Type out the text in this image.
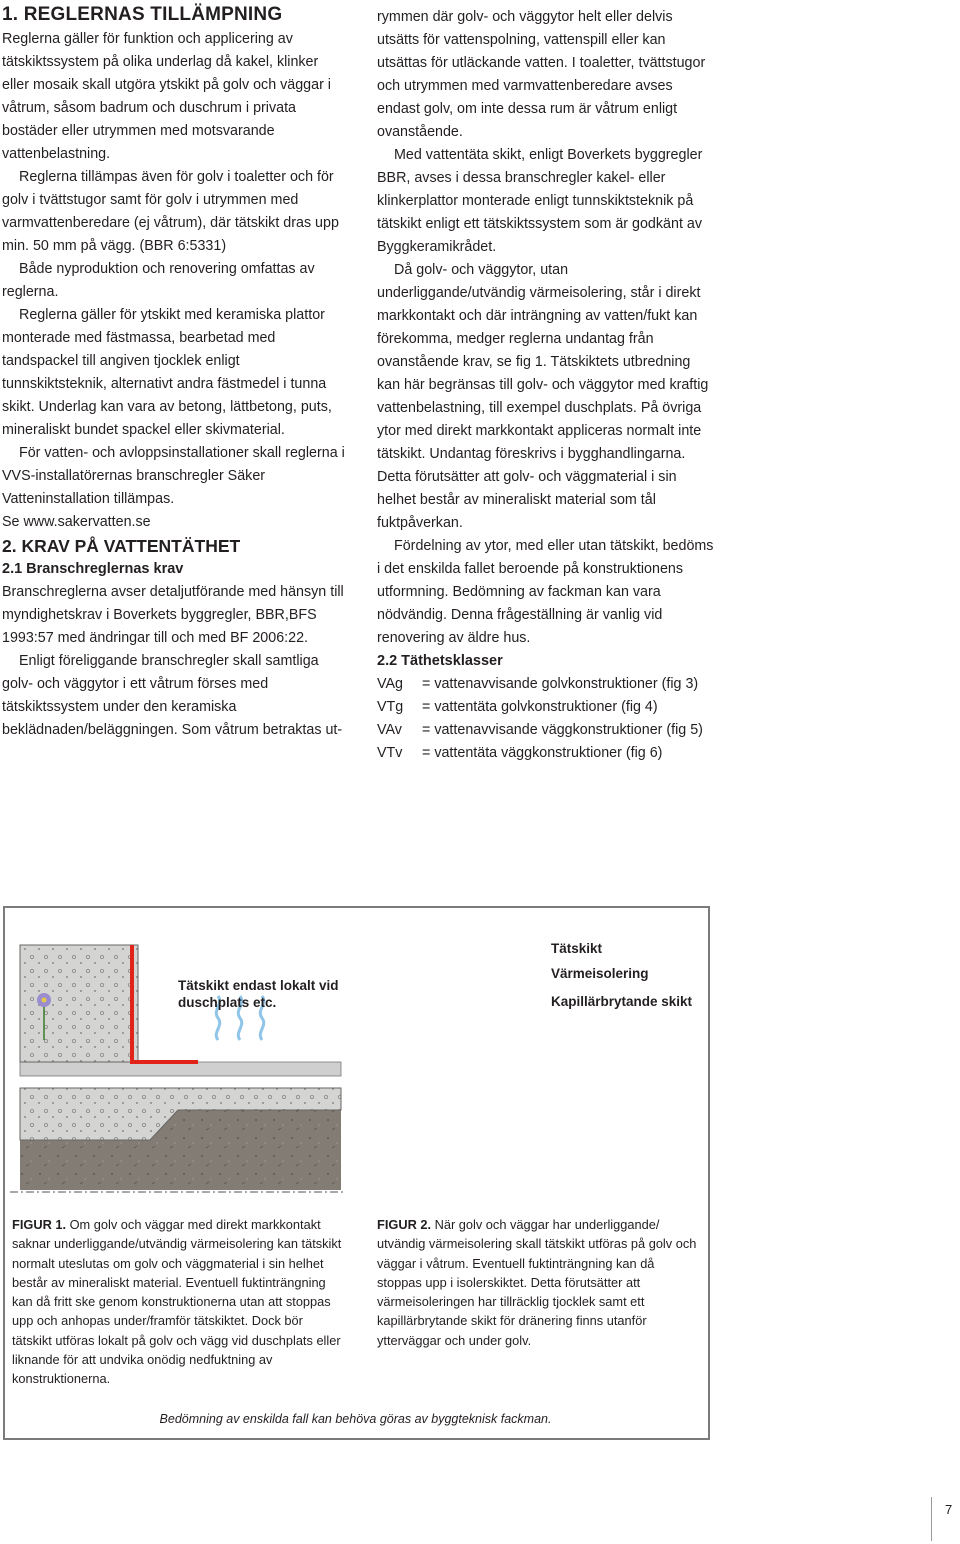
1. REGLERNAS TILLÄMPNING

Reglerna gäller för funktion och applicering av tätskiktssystem på olika underlag då kakel, klinker eller mosaik skall utgöra ytskikt på golv och väggar i våtrum, såsom badrum och duschrum i privata bostäder eller utrymmen med motsvarande vattenbelastning.

Reglerna tillämpas även för golv i toaletter och för golv i tvättstugor samt för golv i utrymmen med varmvattenberedare (ej våtrum), där tätskikt dras upp min. 50 mm på vägg. (BBR 6:5331)

Både nyproduktion och renovering omfattas av reglerna.

Reglerna gäller för ytskikt med keramiska plattor monterade med fästmassa, bearbetad med tandspackel till angiven tjocklek enligt tunnskiktsteknik, alternativt andra fästmedel i tunna skikt. Underlag kan vara av betong, lättbetong, puts, mineraliskt bundet spackel eller skivmaterial.

För vatten- och avloppsinstallationer skall reglerna i VVS-installatörernas branschregler Säker Vatteninstallation tillämpas.

Se www.sakervatten.se

2. KRAV PÅ VATTENTÄTHET

2.1 Branschreglernas krav

Branschreglerna avser detaljutförande med hänsyn till myndighetskrav i Boverkets byggregler, BBR,BFS 1993:57 med ändringar till och med BF 2006:22.

Enligt föreliggande branschregler skall samtliga golv- och väggytor i ett våtrum förses med tätskiktssystem under den keramiska beklädnaden/beläggningen. Som våtrum betraktas ut-

rymmen där golv- och väggytor helt eller delvis utsätts för vattenspolning, vattenspill eller kan utsättas för utläckande vatten. I toaletter, tvättstugor och utrymmen med varmvattenberedare avses endast golv, om inte dessa rum är våtrum enligt ovanstående.

Med vattentäta skikt, enligt Boverkets byggregler BBR, avses i dessa branschregler kakel- eller klinkerplattor monterade enligt tunnskiktsteknik på tätskikt enligt ett tätskiktssystem som är godkänt av Byggkeramikrådet.

Då golv- och väggytor, utan underliggande/utvändig värmeisolering, står i direkt markkontakt och där inträngning av vatten/fukt kan förekomma, medger reglerna undantag från ovanstående krav, se fig 1. Tätskiktets utbredning kan här begränsas till golv- och väggytor med kraftig vattenbelastning, till exempel duschplats. På övriga ytor med direkt markkontakt appliceras normalt inte tätskikt. Undantag föreskrivs i bygghandlingarna. Detta förutsätter att golv- och väggmaterial i sin helhet består av mineraliskt material som tål fuktpåverkan.

Fördelning av ytor, med eller utan tätskikt, bedöms i det enskilda fallet beroende på konstruktionens utformning. Bedömning av fackman kan vara nödvändig. Denna frågeställning är vanlig vid renovering av äldre hus.

2.2 Täthetsklasser

VAg	= vattenavvisande golvkonstruktioner (fig 3)
VTg	= vattentäta golvkonstruktioner (fig 4)
VAv	= vattenavvisande väggkonstruktioner (fig 5)
VTv	= vattentäta väggkonstruktioner (fig 6)
Tätskikt endast lokalt vid duschplats etc.
Tätskikt
Värmeisolering
Kapillärbrytande skikt
FIGUR 1. Om golv och väggar med direkt markkontakt saknar underliggande/utvändig värmeisolering kan tätskikt normalt uteslutas om golv och väggmaterial i sin helhet består av mineraliskt material. Eventuell fuktinträngning kan då fritt ske genom konstruktionerna utan att stoppas upp och anhopas under/framför tätskiktet. Dock bör tätskikt utföras lokalt på golv och vägg vid duschplats eller liknande för att undvika onödig nedfuktning av konstruktionerna.
FIGUR 2. När golv och väggar har underliggande/ utvändig värmeisolering skall tätskikt utföras på golv och väggar i våtrum. Eventuell fuktinträngning kan då stoppas upp i isolerskiktet. Detta förutsätter att värmeisoleringen har tillräcklig tjocklek samt ett kapillärbrytande skikt för dränering finns utanför ytterväggar och under golv.
Bedömning av enskilda fall kan behöva göras av byggteknisk fackman.
7
